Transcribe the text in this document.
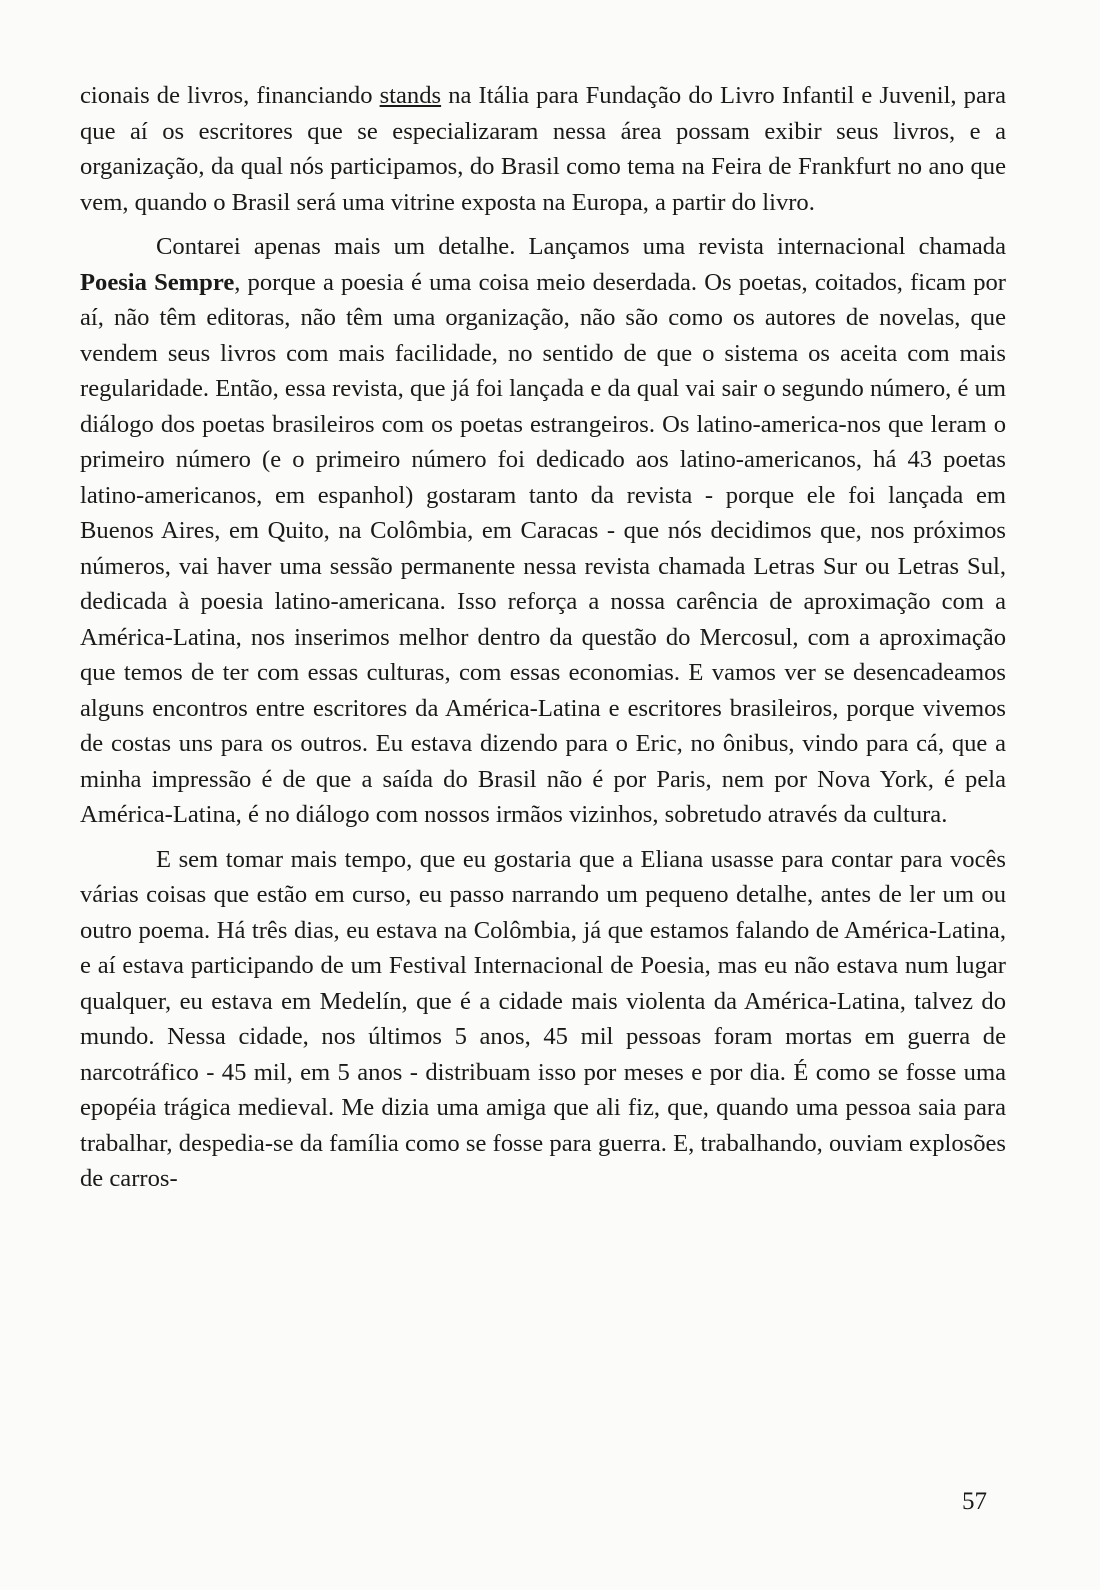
cionais de livros, financiando stands na Itália para Fundação do Livro Infantil e Juvenil, para que aí os escritores que se especializaram nessa área possam exibir seus livros, e a organização, da qual nós participamos, do Brasil como tema na Feira de Frankfurt no ano que vem, quando o Brasil será uma vitrine exposta na Europa, a partir do livro.

Contarei apenas mais um detalhe. Lançamos uma revista internacional chamada Poesia Sempre, porque a poesia é uma coisa meio deserdada. Os poetas, coitados, ficam por aí, não têm editoras, não têm uma organização, não são como os autores de novelas, que vendem seus livros com mais facilidade, no sentido de que o sistema os aceita com mais regularidade. Então, essa revista, que já foi lançada e da qual vai sair o segundo número, é um diálogo dos poetas brasileiros com os poetas estrangeiros. Os latino-america-nos que leram o primeiro número (e o primeiro número foi dedicado aos latino-americanos, há 43 poetas latino-americanos, em espanhol) gostaram tanto da revista - porque ele foi lançada em Buenos Aires, em Quito, na Colômbia, em Caracas - que nós decidimos que, nos próximos números, vai haver uma sessão permanente nessa revista chamada Letras Sur ou Letras Sul, dedicada à poesia latino-americana. Isso reforça a nossa carência de aproximação com a América-Latina, nos inserimos melhor dentro da questão do Mercosul, com a aproximação que temos de ter com essas culturas, com essas economias. E vamos ver se desencadeamos alguns encontros entre escritores da América-Latina e escritores brasileiros, porque vivemos de costas uns para os outros. Eu estava dizendo para o Eric, no ônibus, vindo para cá, que a minha impressão é de que a saída do Brasil não é por Paris, nem por Nova York, é pela América-Latina, é no diálogo com nossos irmãos vizinhos, sobretudo através da cultura.

E sem tomar mais tempo, que eu gostaria que a Eliana usasse para contar para vocês várias coisas que estão em curso, eu passo narrando um pequeno detalhe, antes de ler um ou outro poema. Há três dias, eu estava na Colômbia, já que estamos falando de América-Latina, e aí estava participando de um Festival Internacional de Poesia, mas eu não estava num lugar qualquer, eu estava em Medelín, que é a cidade mais violenta da América-Latina, talvez do mundo. Nessa cidade, nos últimos 5 anos, 45 mil pessoas foram mortas em guerra de narcotráfico - 45 mil, em 5 anos - distribuam isso por meses e por dia. É como se fosse uma epopéia trágica medieval. Me dizia uma amiga que ali fiz, que, quando uma pessoa saia para trabalhar, despedia-se da família como se fosse para guerra. E, trabalhando, ouviam explosões de carros-

57
